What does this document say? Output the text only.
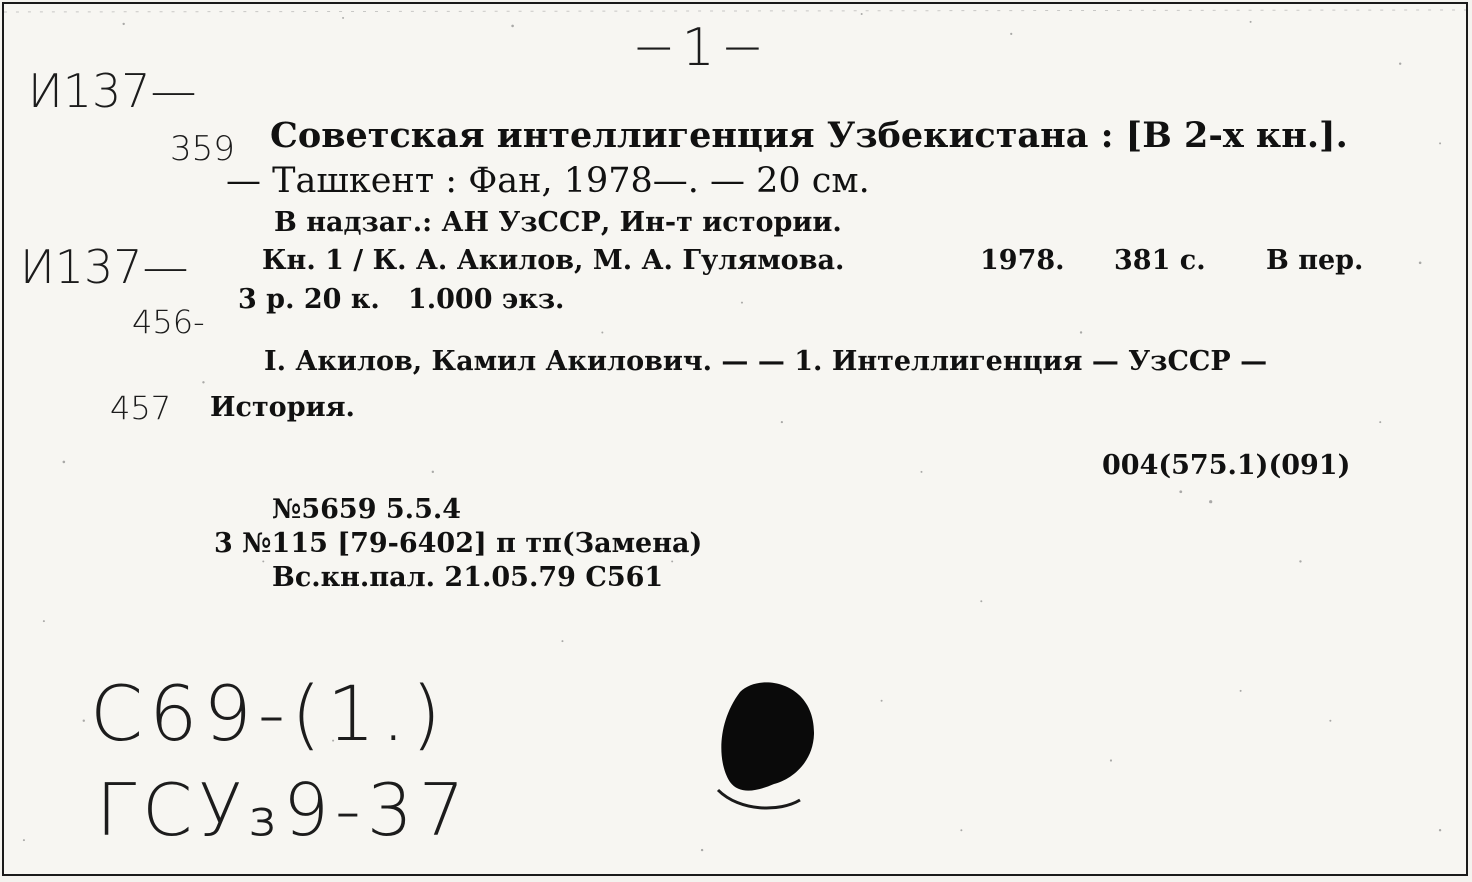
−1−
И137—
359
И137—
456-
457
Советская интеллигенция Узбекистана : [В 2-х кн.].
— Ташкент : Фан, 1978—. — 20 см.
В надзаг.: АН УзССР, Ин-т истории.
Кн. 1 / К. А. Акилов, М. А. Гулямова.	1978. 381 с. В пер.
3 р. 20 к.   1.000 экз.
I. Акилов, Камил Акилович. — — 1. Интеллигенция — УзССР —
История.
004(575.1)(091)
№5659 5.5.4
3 №115 [79-6402] п тп(Замена)
Вс.кн.пал. 21.05.79 С561
С69-(1.)
ГСУ₃9-37
